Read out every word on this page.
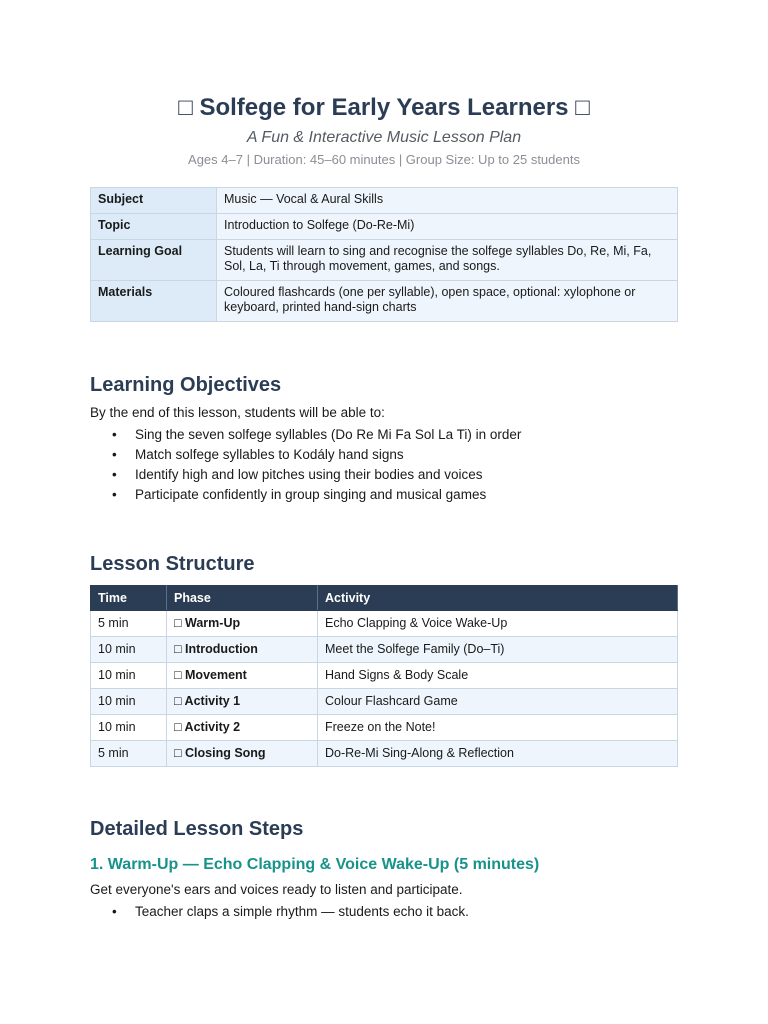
□ Solfege for Early Years Learners □
A Fun & Interactive Music Lesson Plan
Ages 4–7 | Duration: 45–60 minutes | Group Size: Up to 25 students
Subject	Music — Vocal & Aural Skills
Topic	Introduction to Solfege (Do-Re-Mi)
Learning Goal	Students will learn to sing and recognise the solfege syllables Do, Re, Mi, Fa, Sol, La, Ti through movement, games, and songs.
Materials	Coloured flashcards (one per syllable), open space, optional: xylophone or keyboard, printed hand-sign charts
Learning Objectives
By the end of this lesson, students will be able to:
• Sing the seven solfege syllables (Do Re Mi Fa Sol La Ti) in order
• Match solfege syllables to Kodály hand signs
• Identify high and low pitches using their bodies and voices
• Participate confidently in group singing and musical games
Lesson Structure
Time	Phase	Activity
5 min	□ Warm-Up	Echo Clapping & Voice Wake-Up
10 min	□ Introduction	Meet the Solfege Family (Do–Ti)
10 min	□ Movement	Hand Signs & Body Scale
10 min	□ Activity 1	Colour Flashcard Game
10 min	□ Activity 2	Freeze on the Note!
5 min	□ Closing Song	Do-Re-Mi Sing-Along & Reflection
Detailed Lesson Steps
1. Warm-Up — Echo Clapping & Voice Wake-Up (5 minutes)
Get everyone's ears and voices ready to listen and participate.
• Teacher claps a simple rhythm — students echo it back.
